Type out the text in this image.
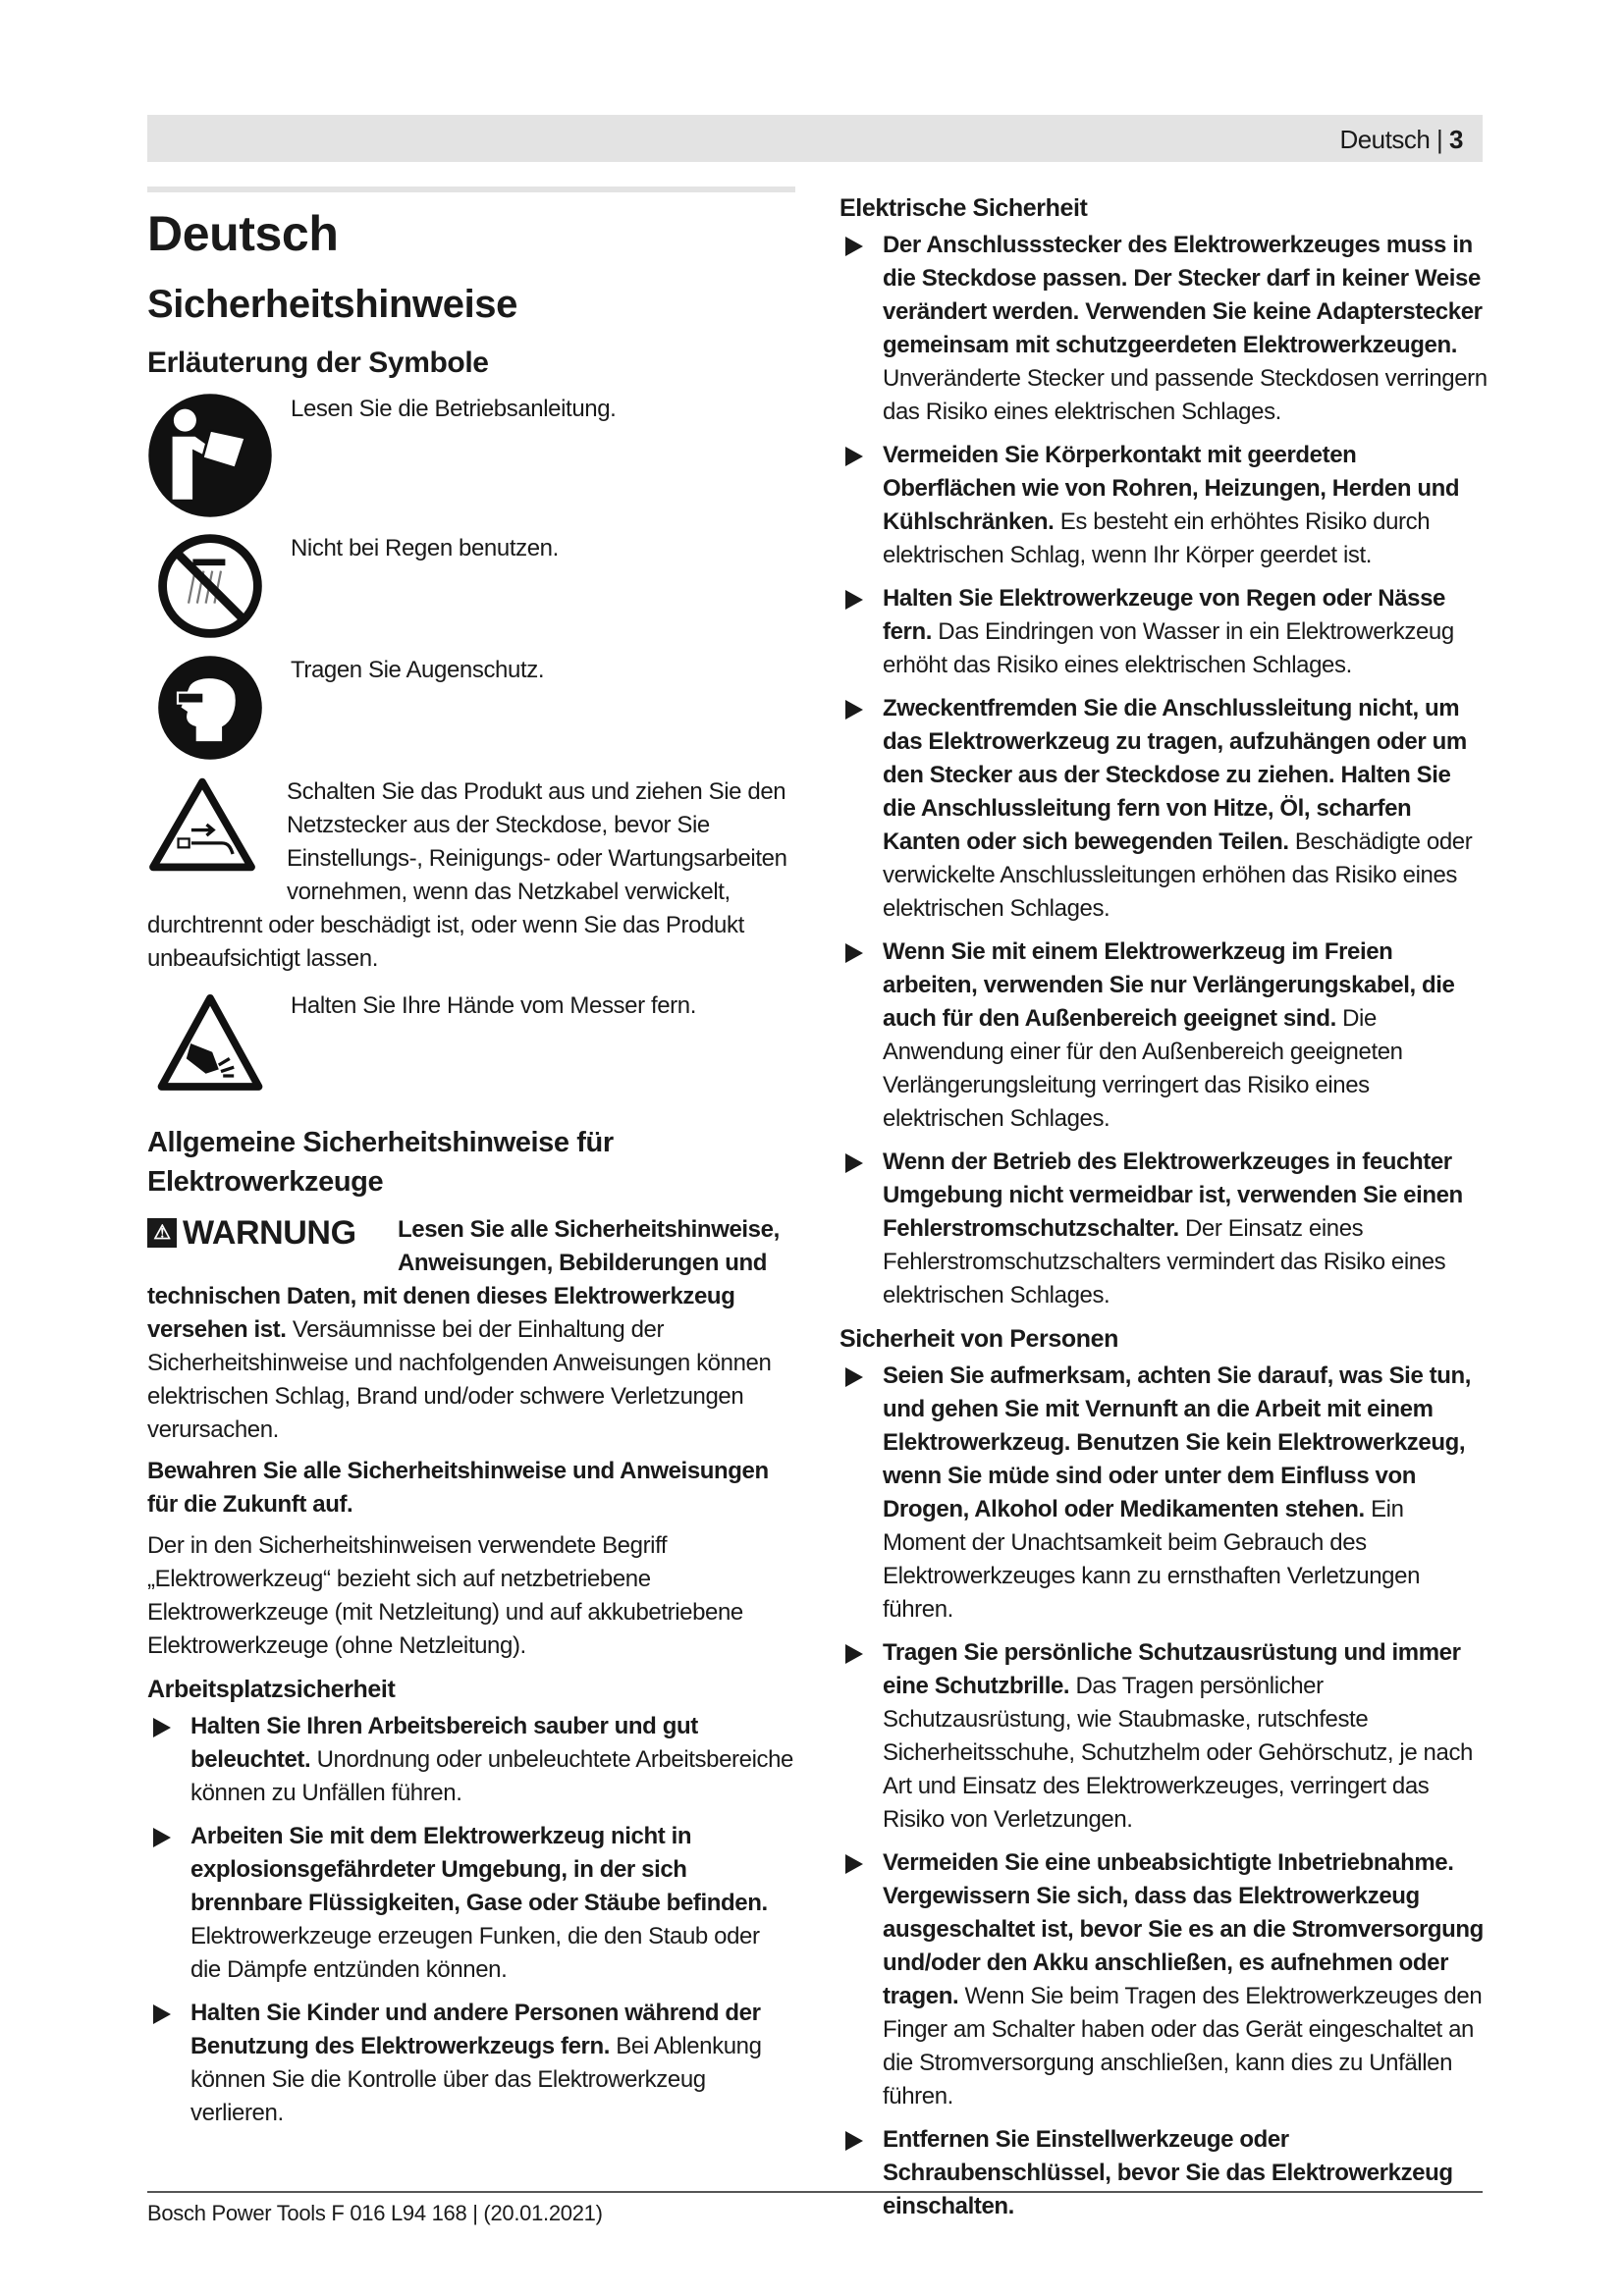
Deutsch | 3
Deutsch
Sicherheitshinweise
Erläuterung der Symbole

Lesen Sie die Betriebsanleitung.

Nicht bei Regen benutzen.

Tragen Sie Augenschutz.

Schalten Sie das Produkt aus und ziehen Sie den Netzstecker aus der Steckdose, bevor Sie Einstellungs-, Reinigungs- oder Wartungsarbeiten vornehmen, wenn das Netzkabel verwickelt, durchtrennt oder beschädigt ist, oder wenn Sie das Produkt unbeaufsichtigt lassen.

Halten Sie Ihre Hände vom Messer fern.

Allgemeine Sicherheitshinweise für Elektrowerkzeuge
⚠ WARNUNG	Lesen Sie alle Sicherheitshinweise, Anweisungen, Bebilderungen und technischen Daten, mit denen dieses Elektrowerkzeug versehen ist. Versäumnisse bei der Einhaltung der Sicherheitshinweise und nachfolgenden Anweisungen können elektrischen Schlag, Brand und/oder schwere Verletzungen verursachen.

Bewahren Sie alle Sicherheitshinweise und Anweisungen für die Zukunft auf.

Der in den Sicherheitshinweisen verwendete Begriff „Elektrowerkzeug“ bezieht sich auf netzbetriebene Elektrowerkzeuge (mit Netzleitung) und auf akkubetriebene Elektrowerkzeuge (ohne Netzleitung).

Arbeitsplatzsicherheit
Halten Sie Ihren Arbeitsbereich sauber und gut beleuchtet. Unordnung oder unbeleuchtete Arbeitsbereiche können zu Unfällen führen.
Arbeiten Sie mit dem Elektrowerkzeug nicht in explosionsgefährdeter Umgebung, in der sich brennbare Flüssigkeiten, Gase oder Stäube befinden. Elektrowerkzeuge erzeugen Funken, die den Staub oder die Dämpfe entzünden können.
Halten Sie Kinder und andere Personen während der Benutzung des Elektrowerkzeugs fern. Bei Ablenkung können Sie die Kontrolle über das Elektrowerkzeug verlieren.
Elektrische Sicherheit
Der Anschlussstecker des Elektrowerkzeuges muss in die Steckdose passen. Der Stecker darf in keiner Weise verändert werden. Verwenden Sie keine Adapterstecker gemeinsam mit schutzgeerdeten Elektrowerkzeugen. Unveränderte Stecker und passende Steckdosen verringern das Risiko eines elektrischen Schlages.
Vermeiden Sie Körperkontakt mit geerdeten Oberflächen wie von Rohren, Heizungen, Herden und Kühlschränken. Es besteht ein erhöhtes Risiko durch elektrischen Schlag, wenn Ihr Körper geerdet ist.
Halten Sie Elektrowerkzeuge von Regen oder Nässe fern. Das Eindringen von Wasser in ein Elektrowerkzeug erhöht das Risiko eines elektrischen Schlages.
Zweckentfremden Sie die Anschlussleitung nicht, um das Elektrowerkzeug zu tragen, aufzuhängen oder um den Stecker aus der Steckdose zu ziehen. Halten Sie die Anschlussleitung fern von Hitze, Öl, scharfen Kanten oder sich bewegenden Teilen. Beschädigte oder verwickelte Anschlussleitungen erhöhen das Risiko eines elektrischen Schlages.
Wenn Sie mit einem Elektrowerkzeug im Freien arbeiten, verwenden Sie nur Verlängerungskabel, die auch für den Außenbereich geeignet sind. Die Anwendung einer für den Außenbereich geeigneten Verlängerungsleitung verringert das Risiko eines elektrischen Schlages.
Wenn der Betrieb des Elektrowerkzeuges in feuchter Umgebung nicht vermeidbar ist, verwenden Sie einen Fehlerstromschutzschalter. Der Einsatz eines Fehlerstromschutzschalters vermindert das Risiko eines elektrischen Schlages.
Sicherheit von Personen
Seien Sie aufmerksam, achten Sie darauf, was Sie tun, und gehen Sie mit Vernunft an die Arbeit mit einem Elektrowerkzeug. Benutzen Sie kein Elektrowerkzeug, wenn Sie müde sind oder unter dem Einfluss von Drogen, Alkohol oder Medikamenten stehen. Ein Moment der Unachtsamkeit beim Gebrauch des Elektrowerkzeuges kann zu ernsthaften Verletzungen führen.
Tragen Sie persönliche Schutzausrüstung und immer eine Schutzbrille. Das Tragen persönlicher Schutzausrüstung, wie Staubmaske, rutschfeste Sicherheitsschuhe, Schutzhelm oder Gehörschutz, je nach Art und Einsatz des Elektrowerkzeuges, verringert das Risiko von Verletzungen.
Vermeiden Sie eine unbeabsichtigte Inbetriebnahme. Vergewissern Sie sich, dass das Elektrowerkzeug ausgeschaltet ist, bevor Sie es an die Stromversorgung und/oder den Akku anschließen, es aufnehmen oder tragen. Wenn Sie beim Tragen des Elektrowerkzeuges den Finger am Schalter haben oder das Gerät eingeschaltet an die Stromversorgung anschließen, kann dies zu Unfällen führen.
Entfernen Sie Einstellwerkzeuge oder Schraubenschlüssel, bevor Sie das Elektrowerkzeug einschalten.
Bosch Power Tools F 016 L94 168 | (20.01.2021)
